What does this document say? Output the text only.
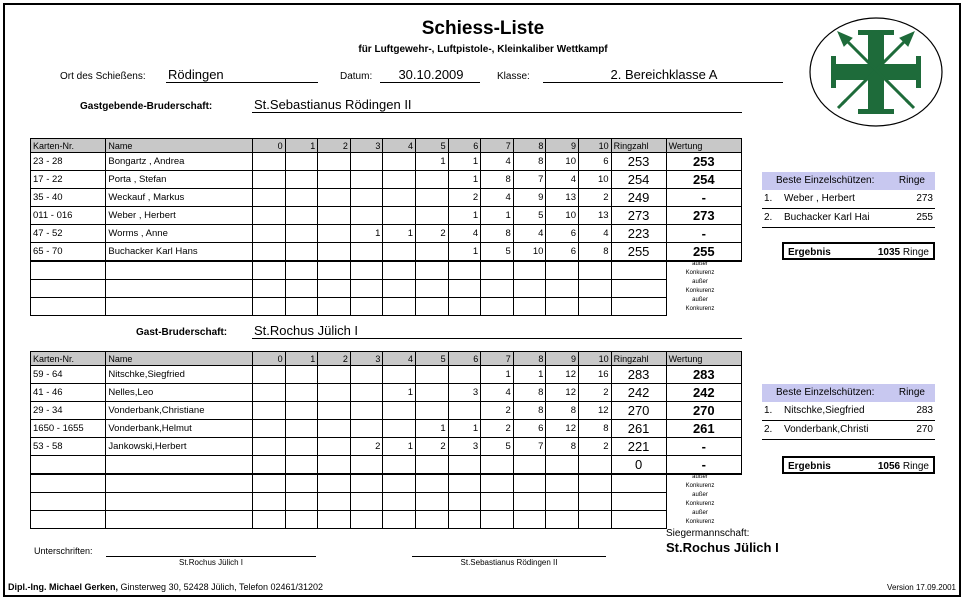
Schiess-Liste
für Luftgewehr-, Luftpistole-, Kleinkaliber Wettkampf
Ort des Schießens: Rödingen	Datum:	30.10.2009	Klasse:	2. Bereichklasse A
Gastgebende-Bruderschaft:	St.Sebastianus Rödingen II
Karten-Nr.	Name	0	1	2	3	4	5	6	7	8	9	10	Ringzahl	Wertung
23 - 28	Bongartz , Andrea						1	1	4	8	10	6	253	253
17 - 22	Porta , Stefan							1	8	7	4	10	254	254
35 - 40	Weckauf , Markus							2	4	9	13	2	249	-
011 - 016	Weber , Herbert							1	1	5	10	13	273	273
47 - 52	Worms , Anne				1	1	2	4	8	4	6	4	223	-
65 - 70	Buchacker Karl Hans							1	5	10	6	8	255	255

außer Konkurenz
außer Konkurenz
außer Konkurenz
Beste Einzelschützen: Ringe
1. Weber , Herbert	273
2. Buchacker Karl Hai	255
Ergebnis	1035 Ringe
Gast-Bruderschaft: St.Rochus Jülich I
Karten-Nr.	Name	0	1	2	3	4	5	6	7	8	9	10	Ringzahl	Wertung
59 - 64	Nitschke,Siegfried								1	1	12	16	283	283
41 - 46	Nelles,Leo					1		3	4	8	12	2	242	242
29 - 34	Vonderbank,Christiane								2	8	8	12	270	270
1650 - 1655	Vonderbank,Helmut						1	1	2	6	12	8	261	261
53 - 58	Jankowski,Herbert				2	1	2	3	5	7	8	2	221	-
													0	-

außer Konkurenz
außer Konkurenz
außer Konkurenz
Beste Einzelschützen: Ringe
1. Nitschke,Siegfried	283
2. Vonderbank,Christi	270
Ergebnis	1056 Ringe
Siegermannschaft:
St.Rochus Jülich I
Unterschriften:
St.Rochus Jülich I	St.Sebastianus Rödingen II
Dipl.-Ing. Michael Gerken, Ginsterweg 30, 52428 Jülich, Telefon 02461/31202	Version 17.09.2001
